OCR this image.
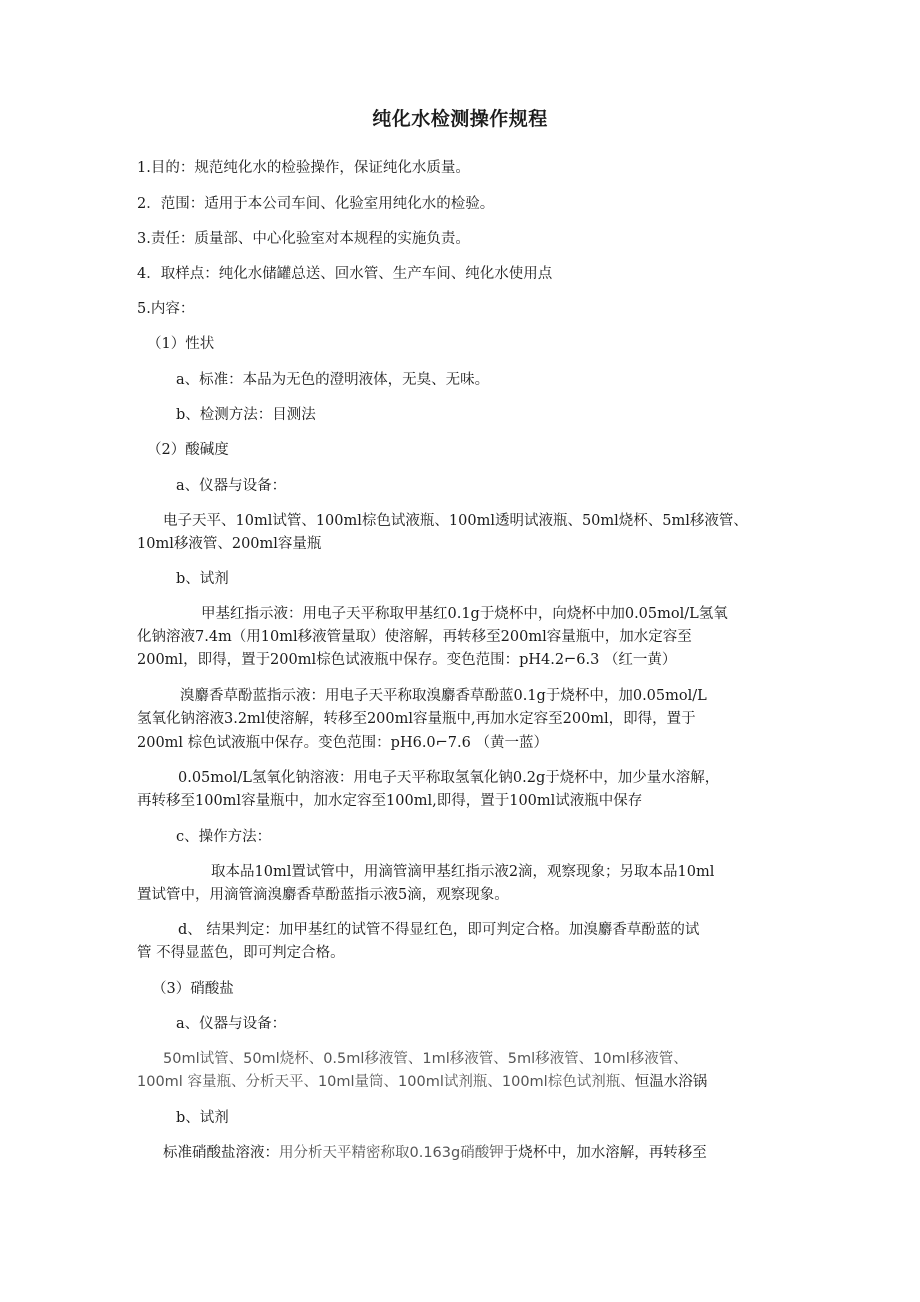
纯化水检测操作规程
1.目的：规范纯化水的检验操作，保证纯化水质量。
2．范围：适用于本公司车间、化验室用纯化水的检验。
3.责任：质量部、中心化验室对本规程的实施负责。
4．取样点：纯化水储罐总送、回水管、生产车间、纯化水使用点
5.内容：
（1）性状
a、标准：本品为无色的澄明液体，无臭、无味。
b、检测方法：目测法
（2）酸碱度
a、仪器与设备：
电子天平、10ml试管、100ml棕色试液瓶、100ml透明试液瓶、50ml烧杯、5ml移液管、
10ml移液管、200ml容量瓶
b、试剂
甲基红指示液：用电子天平称取甲基红0.1g于烧杯中，向烧杯中加0.05mol/L氢氧
化钠溶液7.4m（用10ml移液管量取）使溶解，再转移至200ml容量瓶中，加水定容至
200ml，即得，置于200ml棕色试液瓶中保存。变色范围：pH4.2⌐6.3 （红一黄）
溴麝香草酚蓝指示液：用电子天平称取溴麝香草酚蓝0.1g于烧杯中，加0.05mol/L
氢氧化钠溶液3.2ml使溶解，转移至200ml容量瓶中,再加水定容至200ml，即得，置于
200ml 棕色试液瓶中保存。变色范围：pH6.0⌐7.6 （黄一蓝）
0.05mol/L氢氧化钠溶液：用电子天平称取氢氧化钠0.2g于烧杯中，加少量水溶解，
再转移至100ml容量瓶中，加水定容至100ml,即得，置于100ml试液瓶中保存
c、操作方法：
取本品10ml置试管中，用滴管滴甲基红指示液2滴，观察现象；另取本品10ml
置试管中，用滴管滴溴麝香草酚蓝指示液5滴，观察现象。
d、 结果判定：加甲基红的试管不得显红色，即可判定合格。加溴麝香草酚蓝的试
管 不得显蓝色，即可判定合格。
（3）硝酸盐
a、仪器与设备：
50ml试管、50ml烧杯、0.5ml移液管、1ml移液管、5ml移液管、10ml移液管、
100ml 容量瓶、分析天平、10ml量筒、100ml试剂瓶、100ml棕色试剂瓶、恒温水浴锅
b、试剂
标准硝酸盐溶液：用分析天平精密称取0.163g硝酸钾于烧杯中，加水溶解，再转移至
